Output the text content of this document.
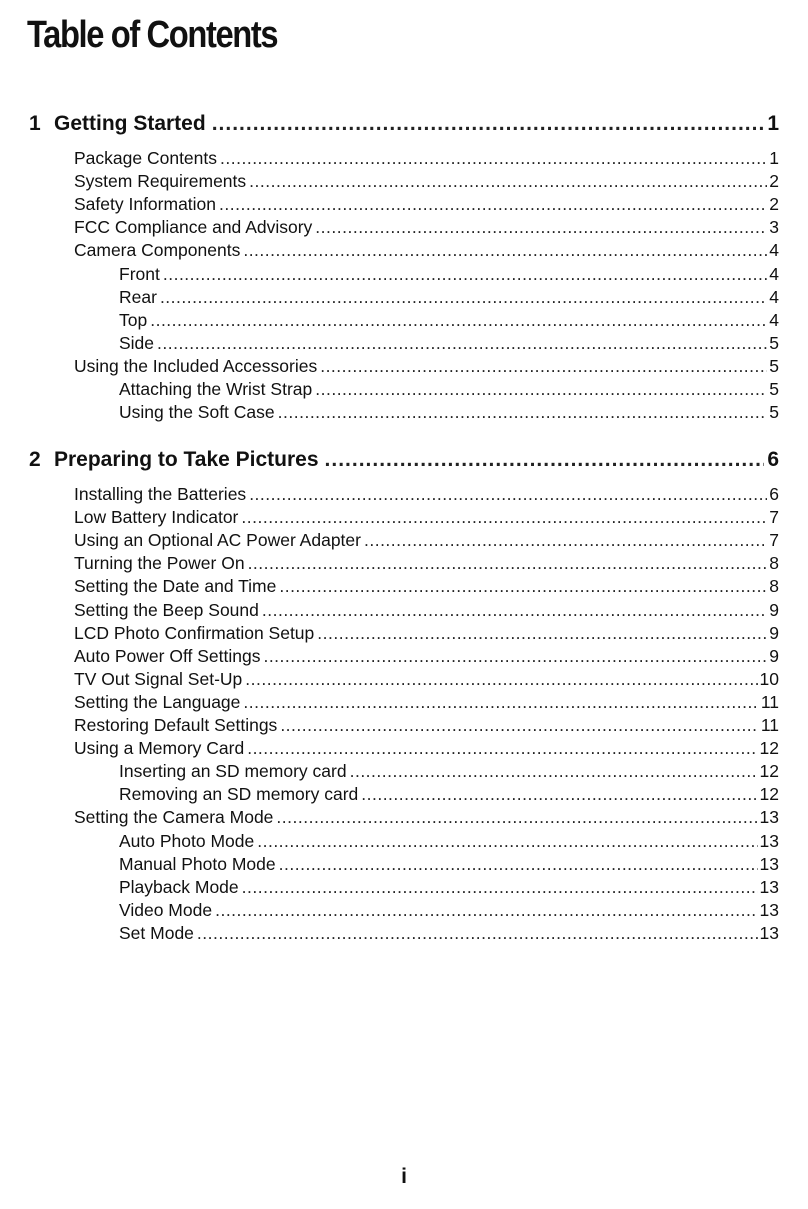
Table of Contents
1 Getting Started .....	1
Package Contents .....	1
System Requirements .....	2
Safety Information .....	2
FCC Compliance and Advisory .....	3
Camera Components .....	4
Front .....	4
Rear .....	4
Top .....	4
Side .....	5
Using the Included Accessories .....	5
Attaching the Wrist Strap .....	5
Using the Soft Case .....	5
2 Preparing to Take Pictures .....	6
Installing the Batteries .....	6
Low Battery Indicator .....	7
Using an Optional AC Power Adapter .....	7
Turning the Power On .....	8
Setting the Date and Time .....	8
Setting the Beep Sound .....	9
LCD Photo Confirmation Setup .....	9
Auto Power Off Settings .....	9
TV Out Signal Set-Up .....	10
Setting the Language .....	11
Restoring Default Settings .....	11
Using a Memory Card .....	12
Inserting an SD memory card .....	12
Removing an SD memory card .....	12
Setting the Camera Mode .....	13
Auto Photo Mode .....	13
Manual Photo Mode .....	13
Playback Mode .....	13
Video Mode .....	13
Set Mode .....	13
i
